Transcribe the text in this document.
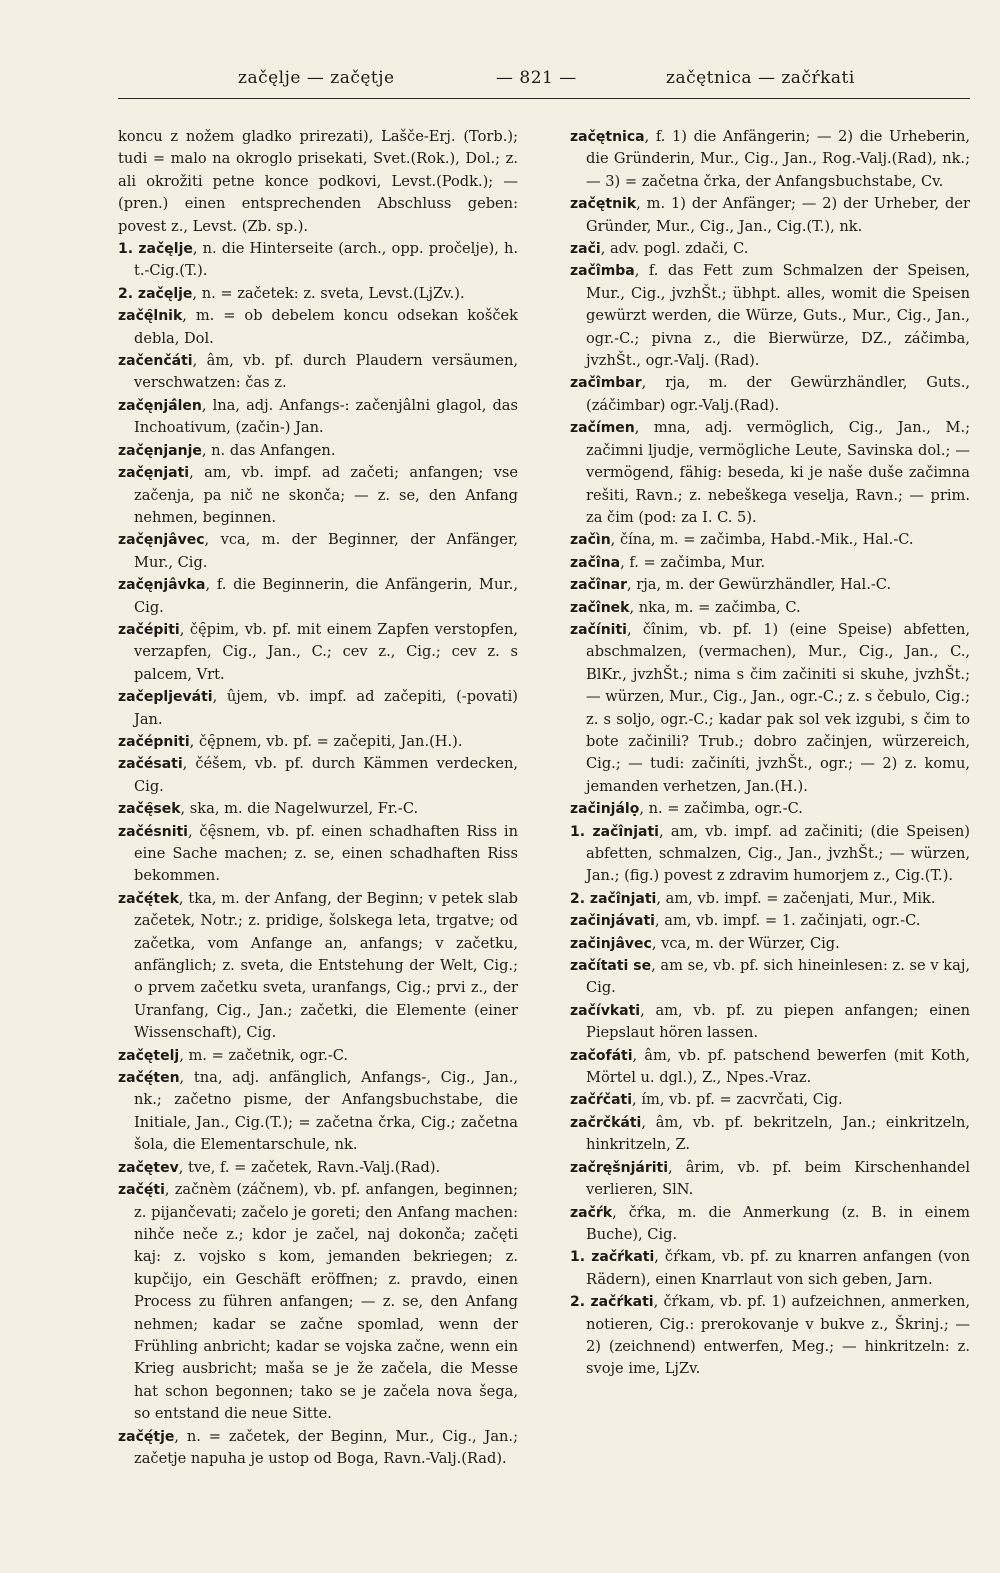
začęlje — začętje	— 821 —	začętnica — začŕkati

koncu z nožem gladko prirezati), Lašče-Erj. (Torb.); tudi = malo na okroglo prisekati, Svet.(Rok.), Dol.; z. ali okrožiti petne konce podkovi, Levst.(Podk.); — (pren.) einen entsprechenden Abschluss geben: povest z., Levst. (Zb. sp.).

1. začęlje, n. die Hinterseite (arch., opp. pročelje), h. t.-Cig.(T.).

2. začęlje, n. = začetek: z. sveta, Levst.(LjZv.).

začę̑lnik, m. = ob debelem koncu odsekan košček debla, Dol.

začenčáti, âm, vb. pf. durch Plaudern versäumen, verschwatzen: čas z.

začęnjá̑len, lna, adj. Anfangs-: začenjâlni glagol, das Inchoativum, (začin-) Jan.

začęnjanje, n. das Anfangen.

začęnjati, am, vb. impf. ad začeti; anfangen; vse začenja, pa nič ne skonča; — z. se, den Anfang nehmen, beginnen.

začęnjâvec, vca, m. der Beginner, der Anfänger, Mur., Cig.

začęnjâvka, f. die Beginnerin, die Anfängerin, Mur., Cig.

začépiti, čę̑pim, vb. pf. mit einem Zapfen verstopfen, verzapfen, Cig., Jan., C.; cev z., Cig.; cev z. s palcem, Vrt.

začepljeváti, ûjem, vb. impf. ad začepiti, (-povati) Jan.

začépniti, čę̑pnem, vb. pf. = začepiti, Jan.(H.).

začésati, čéšem, vb. pf. durch Kämmen verdecken, Cig.

začę̑sek, ska, m. die Nagelwurzel, Fr.-C.

začésniti, čę̑snem, vb. pf. einen schadhaften Riss in eine Sache machen; z. se, einen schadhaften Riss bekommen.

začę́tek, tka, m. der Anfang, der Beginn; v petek slab začetek, Notr.; z. pridige, šolskega leta, trgatve; od začetka, vom Anfange an, anfangs; v začetku, anfänglich; z. sveta, die Entstehung der Welt, Cig.; o prvem začetku sveta, uranfangs, Cig.; prvi z., der Uranfang, Cig., Jan.; začetki, die Elemente (einer Wissenschaft), Cig.

začętelj, m. = začetnik, ogr.-C.

začę́ten, tna, adj. anfänglich, Anfangs-, Cig., Jan., nk.; začetno pisme, der Anfangsbuchstabe, die Initiale, Jan., Cig.(T.); = začetna črka, Cig.; začetna šola, die Elementarschule, nk.

začętev, tve, f. = začetek, Ravn.-Valj.(Rad).

začę́ti, začnèm (záčnem), vb. pf. anfangen, beginnen; z. pijančevati; začelo je goreti; den Anfang machen: nihče neče z.; kdor je začel, naj dokonča; začęti kaj: z. vojsko s kom, jemanden bekriegen; z. kupčijo, ein Geschäft eröffnen; z. pravdo, einen Process zu führen anfangen; — z. se, den Anfang nehmen; kadar se začne spomlad, wenn der Frühling anbricht; kadar se vojska začne, wenn ein Krieg ausbricht; maša se je že začela, die Messe hat schon begonnen; tako se je začela nova šega, so entstand die neue Sitte.

začę́tje, n. = začetek, der Beginn, Mur., Cig., Jan.; začetje napuha je ustop od Boga, Ravn.-Valj.(Rad).

začętnica, f. 1) die Anfängerin; — 2) die Urheberin, die Gründerin, Mur., Cig., Jan., Rog.-Valj.(Rad), nk.; — 3) = začetna črka, der Anfangsbuchstabe, Cv.

začętnik, m. 1) der Anfänger; — 2) der Urheber, der Gründer, Mur., Cig., Jan., Cig.(T.), nk.

zači, adv. pogl. zdači, C.

začîmba, f. das Fett zum Schmalzen der Speisen, Mur., Cig., jvzhŠt.; übhpt. alles, womit die Speisen gewürzt werden, die Würze, Guts., Mur., Cig., Jan., ogr.-C.; pivna z., die Bierwürze, DZ., záčimba, jvzhŠt., ogr.-Valj. (Rad).

začîmbar, rja, m. der Gewürzhändler, Guts., (záčimbar) ogr.-Valj.(Rad).

začímen, mna, adj. vermöglich, Cig., Jan., M.; začimni ljudje, vermögliche Leute, Savinska dol.; — vermögend, fähig: beseda, ki je naše duše začimna rešiti, Ravn.; z. nebeškega veselja, Ravn.; — prim. za čim (pod: za I. C. 5).

začìn, čína, m. = začimba, Habd.-Mik., Hal.-C.

začîna, f. = začimba, Mur.

začînar, rja, m. der Gewürzhändler, Hal.-C.

začînek, nka, m. = začimba, C.

začíniti, čînim, vb. pf. 1) (eine Speise) abfetten, abschmalzen, (vermachen), Mur., Cig., Jan., C., BlKr., jvzhŠt.; nima s čim začiniti si skuhe, jvzhŠt.; — würzen, Mur., Cig., Jan., ogr.-C.; z. s čebulo, Cig.; z. s soljo, ogr.-C.; kadar pak sol vek izgubi, s čim to bote začinili? Trub.; dobro začinjen, würzereich, Cig.; — tudi: začiníti, jvzhŠt., ogr.; — 2) z. komu, jemanden verhetzen, Jan.(H.).

začinjálọ, n. = začimba, ogr.-C.

1. začînjati, am, vb. impf. ad začiniti; (die Speisen) abfetten, schmalzen, Cig., Jan., jvzhŠt.; — würzen, Jan.; (fig.) povest z zdravim humorjem z., Cig.(T.).

2. začînjati, am, vb. impf. = začenjati, Mur., Mik.

začinjávati, am, vb. impf. = 1. začinjati, ogr.-C.

začinjâvec, vca, m. der Würzer, Cig.

začítati se, am se, vb. pf. sich hineinlesen: z. se v kaj, Cig.

začívkati, am, vb. pf. zu piepen anfangen; einen Piepslaut hören lassen.

začofáti, âm, vb. pf. patschend bewerfen (mit Koth, Mörtel u. dgl.), Z., Npes.-Vraz.

začŕčati, ím, vb. pf. = zacvrčati, Cig.

začrčkáti, âm, vb. pf. bekritzeln, Jan.; einkritzeln, hinkritzeln, Z.

začręšnjáriti, ârim, vb. pf. beim Kirschenhandel verlieren, SlN.

začŕk, čŕka, m. die Anmerkung (z. B. in einem Buche), Cig.

1. začŕkati, čŕkam, vb. pf. zu knarren anfangen (von Rädern), einen Knarrlaut von sich geben, Jarn.

2. začŕkati, čŕkam, vb. pf. 1) aufzeichnen, anmerken, notieren, Cig.: prerokovanje v bukve z., Škrinj.; — 2) (zeichnend) entwerfen, Meg.; — hinkritzeln: z. svoje ime, LjZv.
